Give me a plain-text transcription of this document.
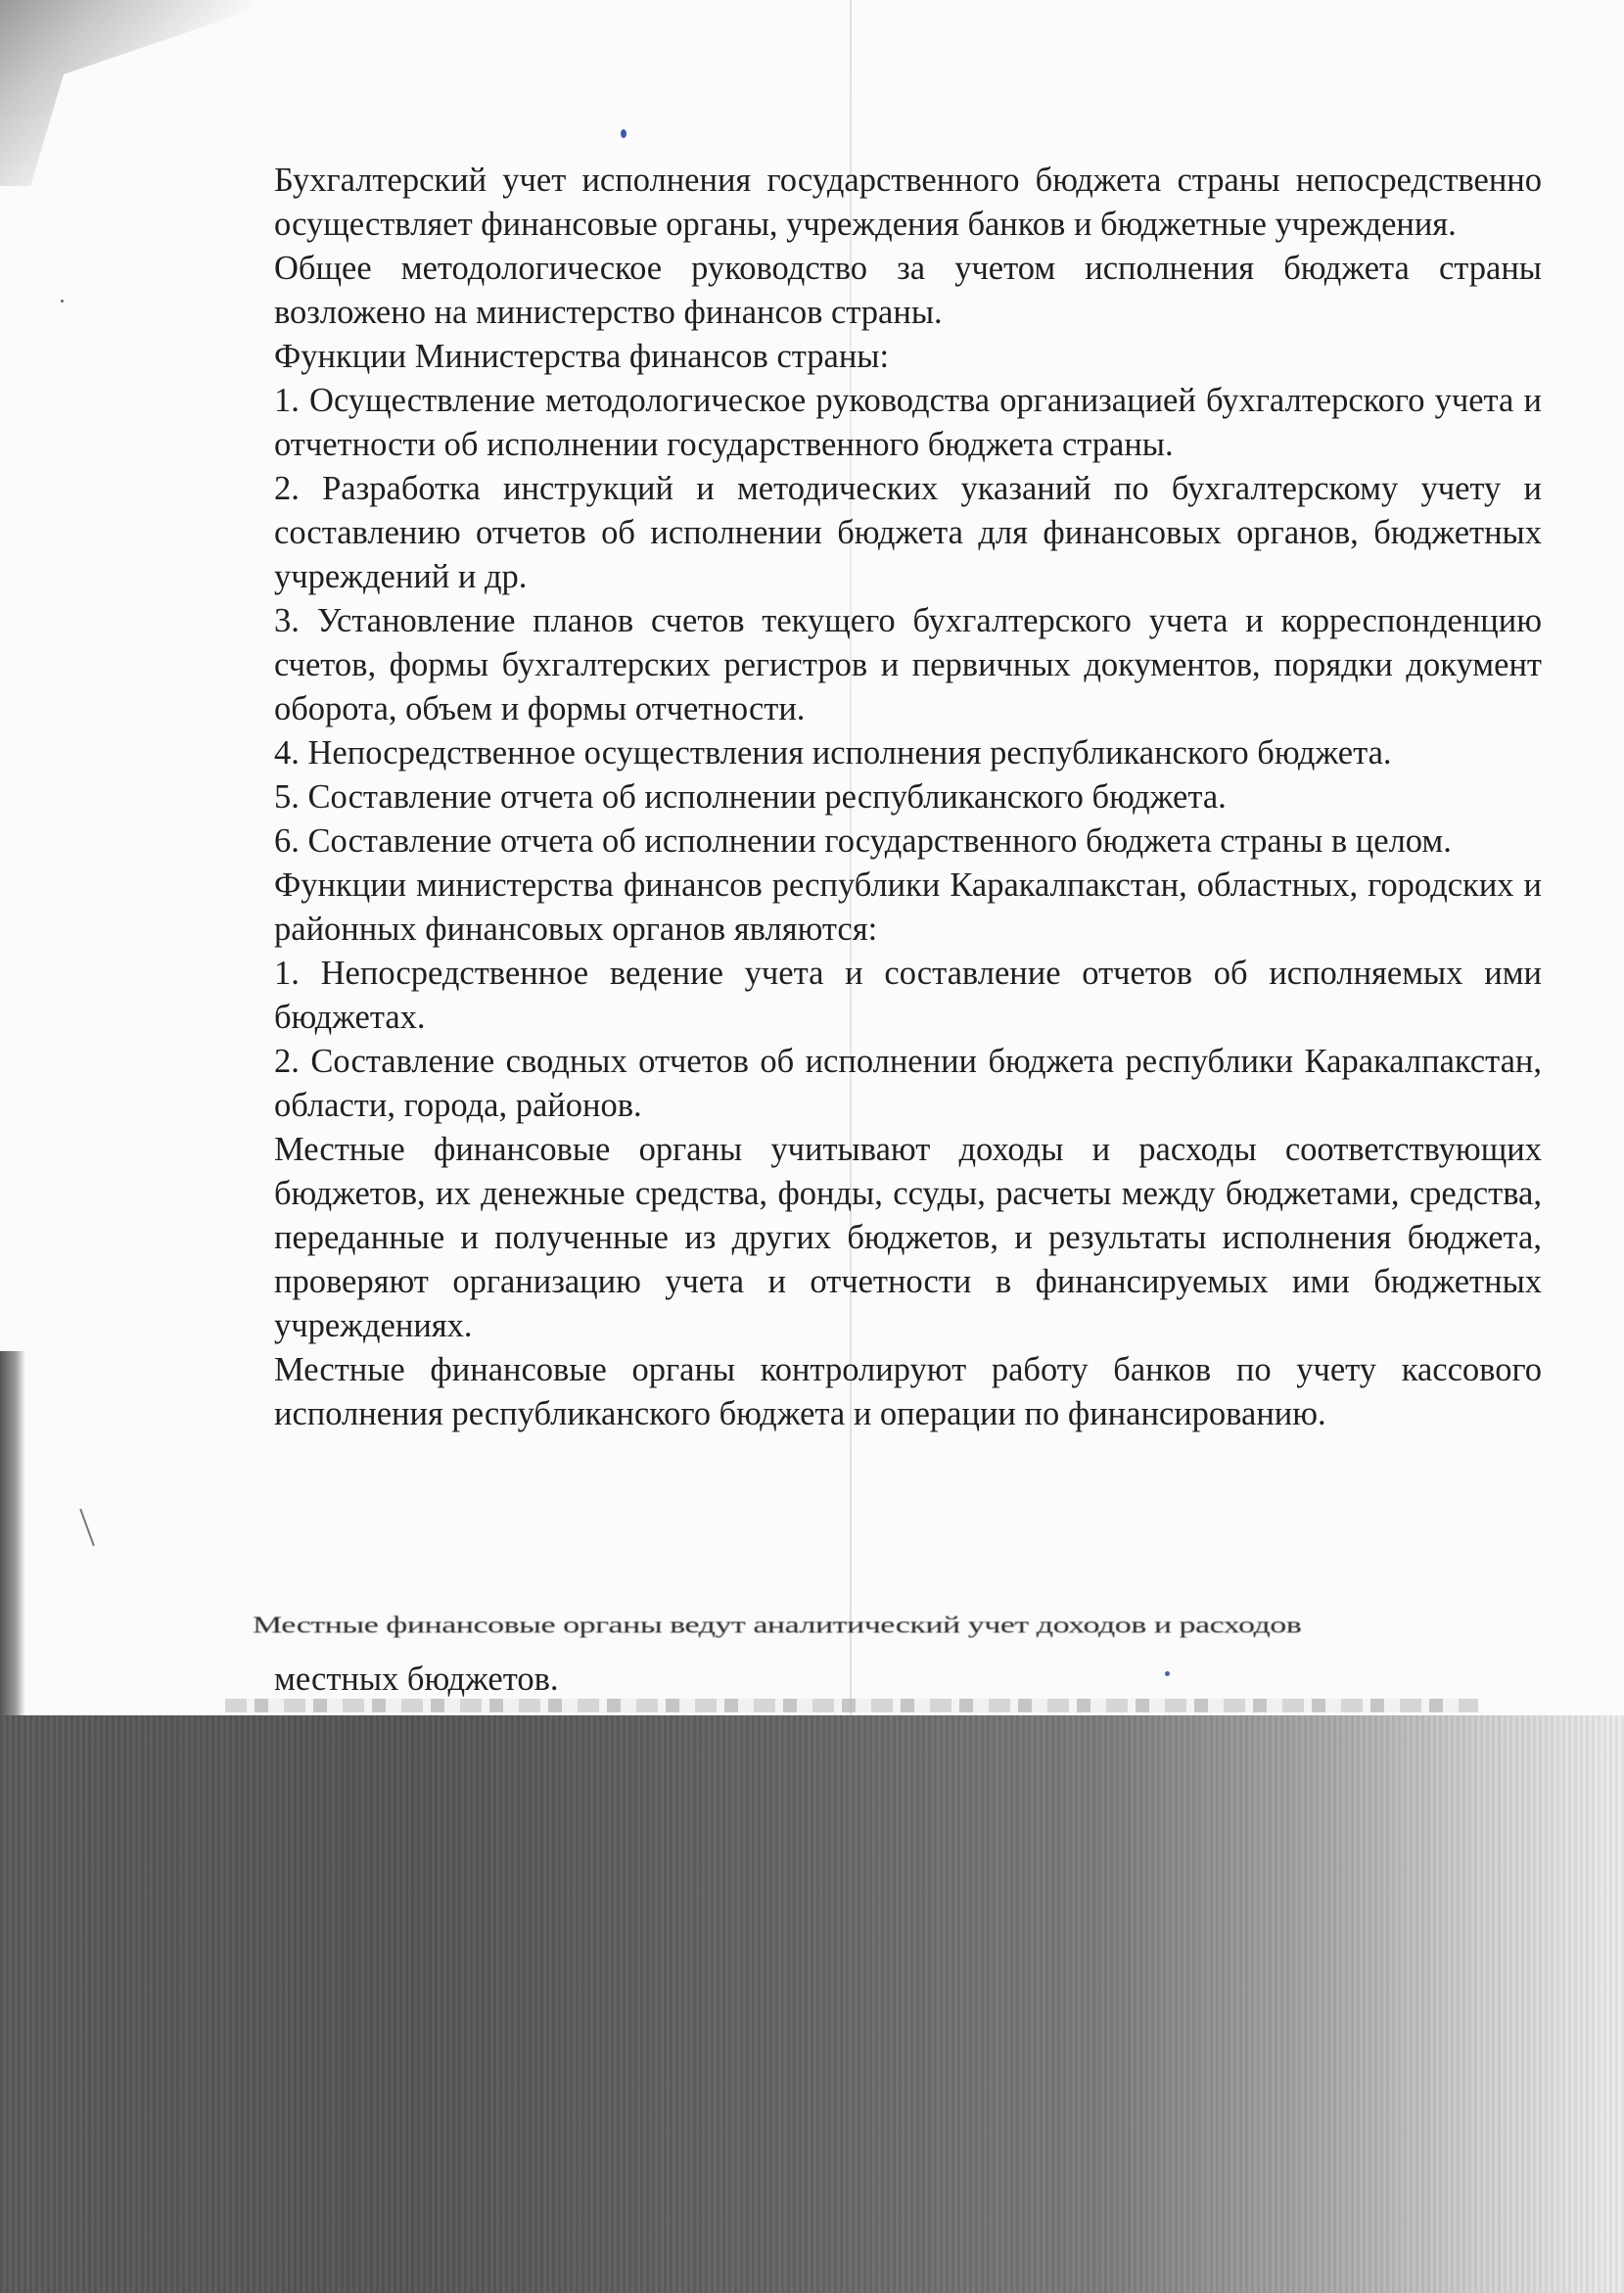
Бухгалтерский учет исполнения государственного бюджета страны непосредственно осуществляет финансовые органы, учреждения банков и бюджетные учреждения.

Общее методологическое руководство за учетом исполнения бюджета страны возложено на министерство финансов страны.

Функции Министерства финансов страны:

1. Осуществление методологическое руководства организацией бухгалтерского учета и отчетности об исполнении государственного бюджета страны.

2. Разработка инструкций и методических указаний по бухгалтерскому учету и составлению отчетов об исполнении бюджета для финансовых органов, бюджетных учреждений и др.

3. Установление планов счетов текущего бухгалтерского учета и корреспонденцию счетов, формы бухгалтерских регистров и первичных документов, порядки документ оборота, объем и формы отчетности.

4. Непосредственное осуществления исполнения республиканского бюджета.

5. Составление отчета об исполнении республиканского бюджета.

6. Составление отчета об исполнении государственного бюджета страны в целом.

Функции министерства финансов республики Каракалпакстан, областных, городских и районных финансовых органов являются:

1. Непосредственное ведение учета и составление отчетов об исполняемых ими бюджетах.

2. Составление сводных отчетов об исполнении бюджета республики Каракалпакстан, области, города, районов.

Местные финансовые органы учитывают доходы и расходы соответствующих бюджетов, их денежные средства, фонды, ссуды, расчеты между бюджетами, средства, переданные и полученные из других бюджетов, и результаты исполнения бюджета, проверяют организацию учета и отчетности в финансируемых ими бюджетных учреждениях.

Местные финансовые органы контролируют работу банков по учету кассового исполнения республиканского бюджета и операции по финансированию.

Местные финансовые органы ведут аналитический учет доходов и расходов
местных бюджетов.
